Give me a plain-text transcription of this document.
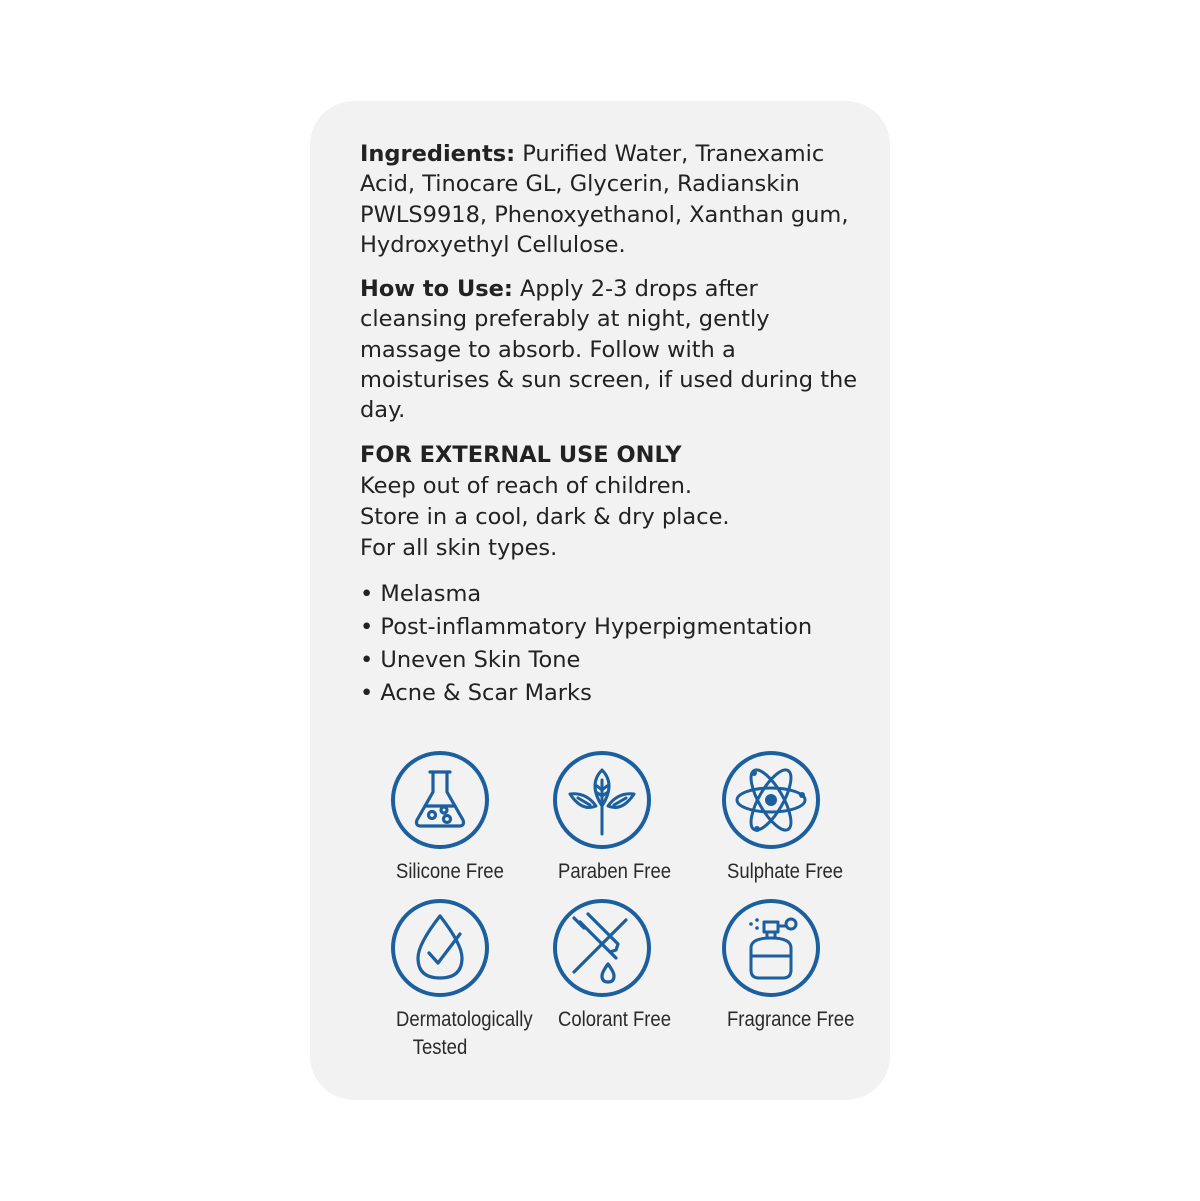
Ingredients: Purified Water, Tranexamic Acid, Tinocare GL, Glycerin, Radianskin PWLS9918, Phenoxyethanol, Xanthan gum, Hydroxyethyl Cellulose.

How to Use: Apply 2-3 drops after cleansing preferably at night, gently massage to absorb. Follow with a moisturises & sun screen, if used during the day.

FOR EXTERNAL USE ONLY
Keep out of reach of children.
Store in a cool, dark & dry place.
For all skin types.
• Melasma
• Post-inflammatory Hyperpigmentation
• Uneven Skin Tone
• Acne & Scar Marks
Silicone Free	Paraben Free	Sulphate Free
Dermatologically
Tested
Colorant Free	Fragrance Free
